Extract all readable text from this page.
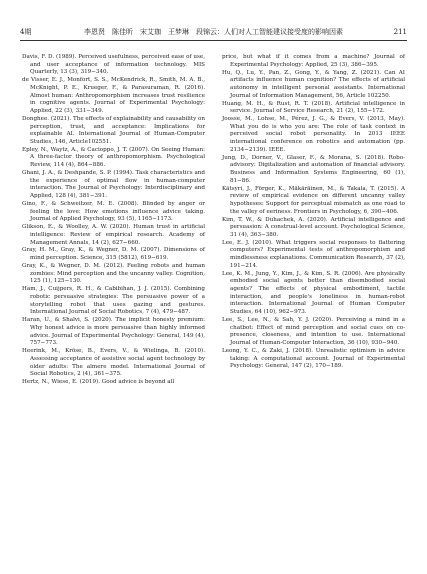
4期	李恩贤　陈佳昕　宋艾珈　王梦琳　段锦云：人们对人工智能建议接受度的影响因素	211

Davis, F. D. (1989). Perceived usefulness, perceived ease of use, and user acceptance of information technology. MIS Quarterly, 13 (3), 319−340.

de Visser, E. J., Monfort, S. S., McKendrick, R., Smith, M. A. B., McKnight, P. E., Krueger, F., & Parasuraman, R. (2016). Almost human: Anthropomorphism increases trust resilience in cognitive agents. Journal of Experimental Psychology: Applied, 22 (3), 331−349.

Donghee. (2021). The effects of explainability and causability on perception, trust, and acceptance: Implications for explainable AI. International Journal of Human-Computer Studies, 146, Article102551.

Epley, N., Waytz, A., & Cacioppo, J. T. (2007). On Seeing Human: A three-factor theory of anthropomorphism. Psychological Review, 114 (4), 864−886.

Ghani, J. A., & Deshpande, S. P. (1994). Task characteristics and the experience of optimal flow in human-computer interaction. The Journal of Psychology: Interdisciplinary and Applied, 128 (4), 381−391.

Gino, F., & Schweitzer, M. E. (2008). Blinded by anger or feeling the love: How emotions influence advice taking. Journal of Applied Psychology, 93 (5), 1165−1173.

Glikson, E., & Woolley, A. W. (2020). Human trust in artificial intelligence: Review of empirical research. Academy of Management Annals, 14 (2), 627−660.

Gray, H. M., Gray, K., & Wegner, D. M. (2007). Dimensions of mind perception. Science, 315 (5812), 619−619.

Gray, K., & Wegner, D. M. (2012). Feeling robots and human zombies: Mind perception and the uncanny valley. Cognition, 125 (1), 125−130.

Ham, J., Cuijpers, R. H., & Cabibihan, J. J. (2015). Combining robotic persuasive strategies: The persuasive power of a storytelling robot that uses gazing and gestures. International Journal of Social Robotics, 7 (4), 479−487.

Haran, U., & Shalvi, S. (2020). The implicit honesty premium: Why honest advice is more persuasive than highly informed advice. Journal of Experimental Psychology: General, 149 (4), 757−773.

Heerink, M., Kröse, B., Evers, V., & Wielinga, B. (2010). Assessing acceptance of assistive social agent technology by older adults: The almere model. International Journal of Social Robotics, 2 (4), 361−375.

Hertz, N., Wiese, E. (2019). Good advice is beyond all

price, but what if it comes from a machine? Journal of Experimental Psychology: Applied, 25 (3), 386−395.

Hu, Q., Lu, Y., Pan, Z., Gong, Y., & Yang, Z. (2021). Can AI artifacts influence human cognition? The effects of artificial autonomy in intelligent personal assistants. International Journal of Information Management, 56, Article 102250.

Huang, M. H., & Rust, R. T. (2018). Artificial intelligence in service. Journal of Service Research, 21 (2), 155−172.

Joosse, M., Lohse, M., Pérez, J. G., & Evers, V. (2013, May). What you do is who you are: The role of task context in perceived social robot personality. In 2013 IEEE international conference on robotics and automation (pp. 2134−2139). IEEE.

Jung, D., Dorner, V., Glaser, F., & Morana, S. (2018). Robo-advisory: Digitalization and automation of financial advisory. Business and Information Systems Engineering, 60 (1), 81−86.

Kätsyri, J., Förger, K., Mäkäräinen, M., & Takala, T. (2015). A review of empirical evidence on different uncanny valley hypotheses: Support for perceptual mismatch as one road to the valley of eeriness. Frontiers in Psychology, 6, 390−406.

Kim, T. W., & Duhachek, A. (2020). Artificial intelligence and persuasion: A construal-level account. Psychological Science, 31 (4), 363−380.

Lee, E. J. (2010). What triggers social responses to flattering computers? Experimental tests of anthropomorphism and mindlessness explanations. Communication Research, 37 (2), 191−214.

Lee, K. M., Jung, Y., Kim, J., & Kim, S. R. (2006). Are physically embodied social agents better than disembodied social agents? The effects of physical embodiment, tactile interaction, and people's loneliness in human-robot interaction. International Journal of Human Computer Studies, 64 (10), 962−973.

Lee, S., Lee, N., & Sah, Y. J. (2020). Perceiving a mind in a chatbot: Effect of mind perception and social cues on co-presence, closeness, and intention to use. International Journal of Human-Computer Interaction, 36 (10), 930−940.

Leong, Y. C., & Zaki, J. (2018). Unrealistic optimism in advice taking: A computational account. Journal of Experimental Psychology: General, 147 (2), 170−189.
